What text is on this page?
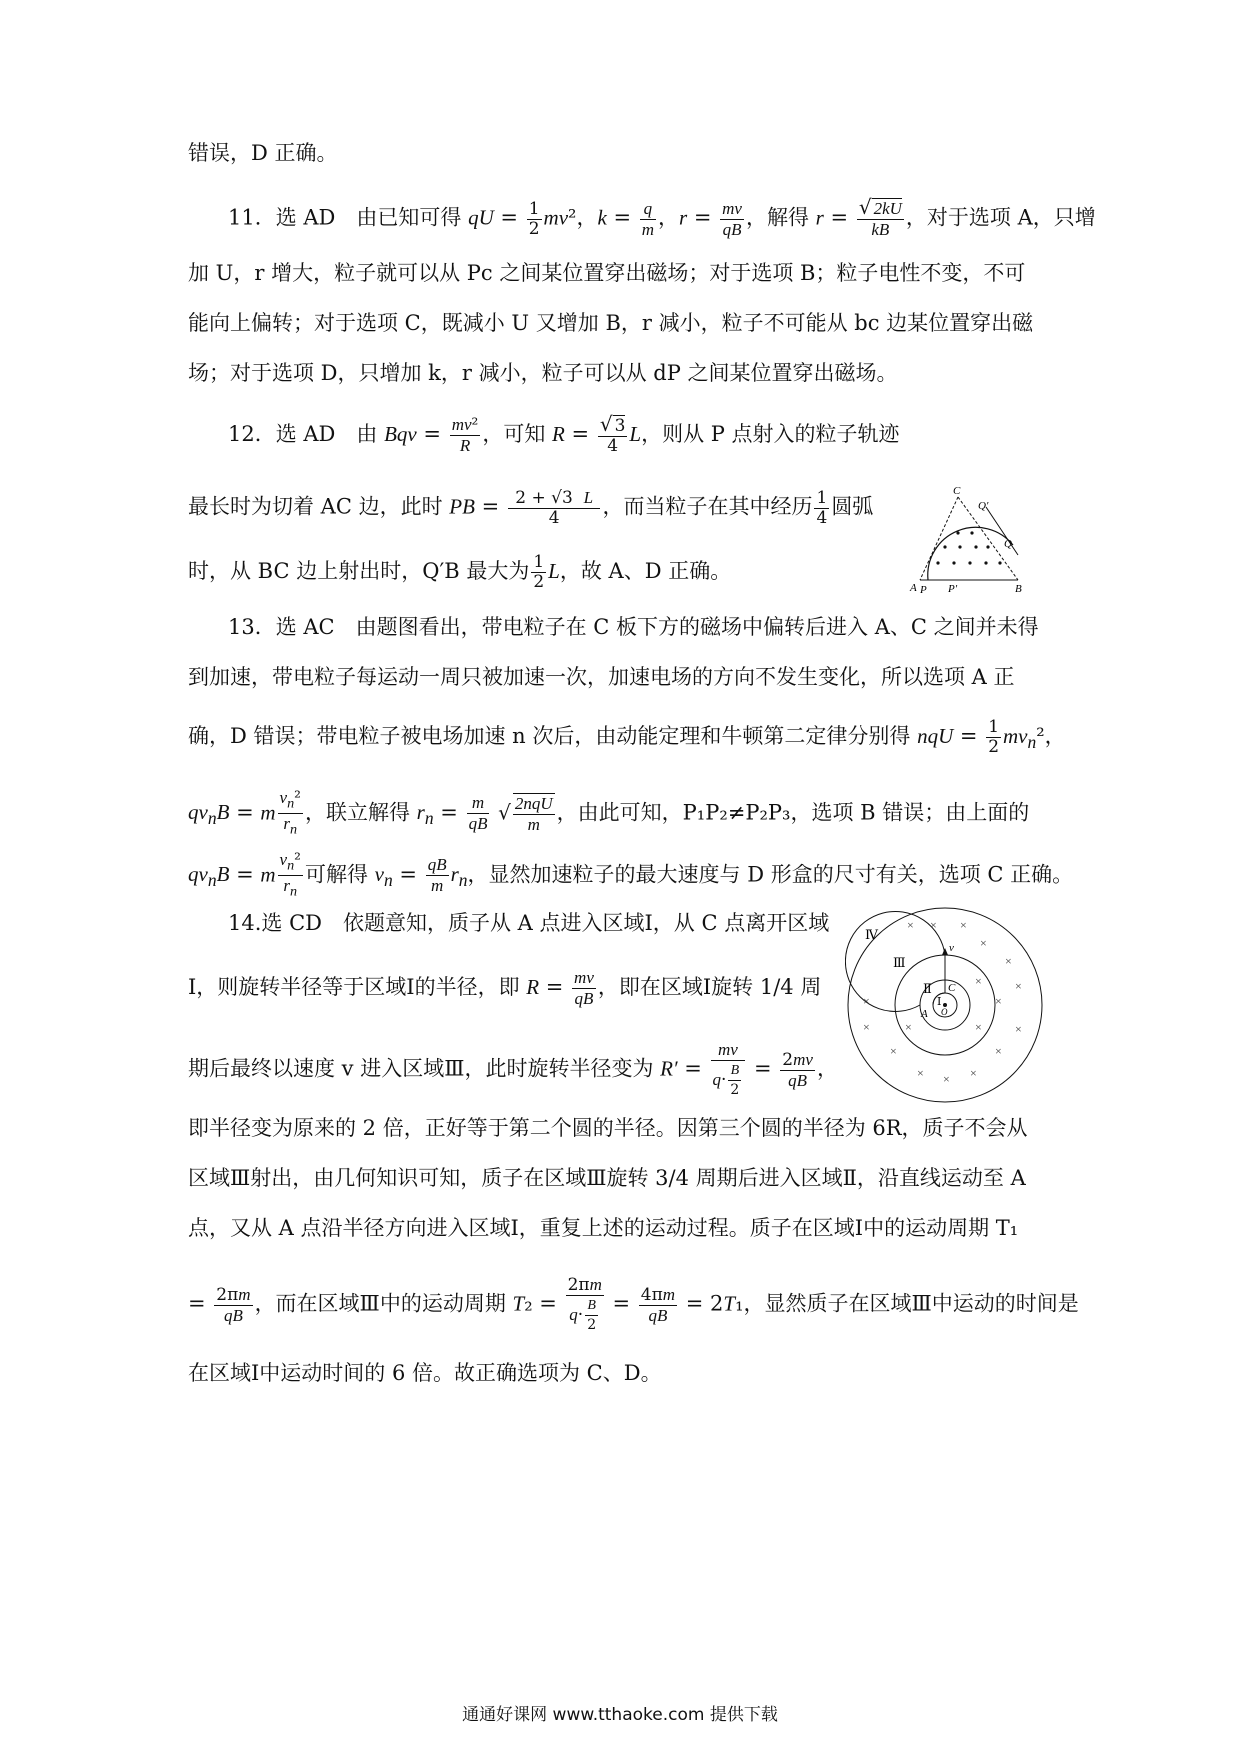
错误，D 正确。
11．选 AD　由已知可得 qU = $\frac{1}{2} mv^2$，$k = \frac{q}{m}$ ，$r = \frac{mv}{qB}$ ，解得 $r = \frac{√ 2kU}{kB}$ ，对于选项 A，只增
加 U，r 增大，粒子就可以从 Pc 之间某位置穿出磁场；对于选项 B；粒子电性不变，不可
能向上偏转；对于选项 C，既减小 U 又增加 B，r 减小，粒子不可能从 bc 边某位置穿出磁
场；对于选项 D，只增加 k，r 减小，粒子可以从 dP 之间某位置穿出磁场。
12．选 AD　由 Bqv = $\frac{\text{mv²}}{R}$ ，可知 $R = \frac{√ 3}{4}$ L，则从 P 点射入的粒子轨迹
最长时为切着 AC 边，此时 PB = $\frac{2 + √3 L}{4}$ ，而当粒子在其中经历 $\frac{1}{4}$ 圆弧
时，从 BC 边上射出时，Q′B 最大为 $\frac{1}{2}$ L，故 A、D 正确。
13．选 AC　由题图看出，带电粒子在 C 板下方的磁场中偏转后进入 A、C 之间并未得
到加速，带电粒子每运动一周只被加速一次，加速电场的方向不发生变化，所以选项 A 正
确，D 错误；带电粒子被电场加速 n 次后，由动能定理和牛顿第二定律分别得 nqU = $\frac{1}{2} mv_n^2$，
$qv_nB = m \frac{v_n^2}{r_n}$ ，联立解得 $r_n = \frac{m}{qB}$ √ $\frac{\text{2nqU}}{m}$ ，由此可知，P₁P₂≠P₂P₃，选项 B 错误；由上面的
$qv_nB = m \frac{v_n^2}{r_n}$ 可解得 $v_n = \frac{qB}{m} r_n$，显然加速粒子的最大速度与 D 形盒的尺寸有关，选项 C 正确。
14.选 CD　依题意知，质子从 A 点进入区域Ⅰ，从 C 点离开区域
Ⅰ，则旋转半径等于区域Ⅰ的半径，即 $R = \frac{mv}{qB}$ ，即在区域Ⅰ旋转 1/4 周
期后最终以速度 v 进入区域Ⅲ，此时旋转半径变为 $R' = \frac{mv}{q\cdot \frac{B}{2}} = \frac{2mv}{qB}$ ，
即半径变为原来的 2 倍，正好等于第二个圆的半径。因第三个圆的半径为 6R，质子不会从
区域Ⅲ射出，由几何知识可知，质子在区域Ⅲ旋转 3/4 周期后进入区域Ⅱ，沿直线运动至 A
点，又从 A 点沿半径方向进入区域Ⅰ，重复上述的运动过程。质子在区域Ⅰ中的运动周期 T₁
= $\frac{2\pi m}{qB}$ ，而在区域Ⅲ中的运动周期 $T_2 = \frac{2\pi m}{q\cdot \frac{B}{2}} = \frac{4\pi m}{qB} = 2T_1$，显然质子在区域Ⅲ中运动的时间是
在区域Ⅰ中运动时间的 6 倍。故正确选项为 C、D。
C
Q′
Q
A P P′	B
× × ×
×
×
×
×
×
×
× × ×
×
×
×
×
×
×
Ⅳ
Ⅲ
Ⅱ
Ⅰ
v
C
A O
通通好课网 www.tthaoke.com 提供下载
